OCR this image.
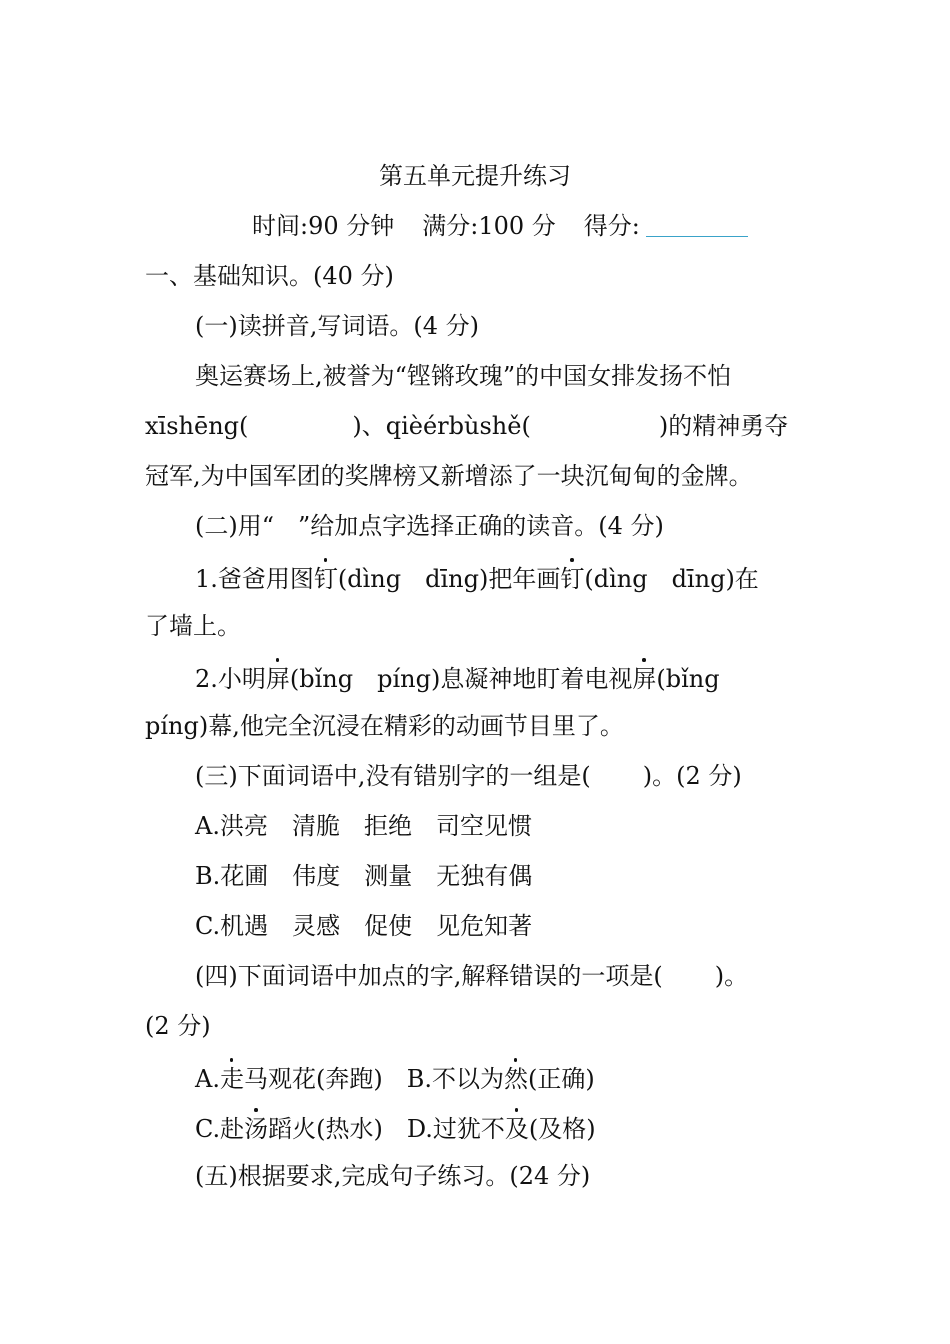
第五单元提升练习
时间:90 分钟 满分:100 分 得分:
一、基础知识。(40 分)
(一)读拼音,写词语。(4 分)
奥运赛场上,被誉为“铿锵玫瑰”的中国女排发扬不怕
xīshēng(	)、qièérbùshě(	)的精神勇夺
冠军,为中国军团的奖牌榜又新增添了一块沉甸甸的金牌。
(二)用“ ”给加点字选择正确的读音。(4 分)
1.爸爸用图钉(dìng　dīng)把年画钉(dìng　dīng)在
了墙上。
2.小明屏(bǐng　píng)息凝神地盯着电视屏(bǐng
píng)幕,他完全沉浸在精彩的动画节目里了。
(三)下面词语中,没有错别字的一组是( )。(2 分)
A.洪亮　清脆　拒绝　司空见惯
B.花圃　伟度　测量　无独有偶
C.机遇　灵感　促使　见危知著
(四)下面词语中加点的字,解释错误的一项是( )。
(2 分)
A.走马观花(奔跑)　B.不以为然(正确)
C.赴汤蹈火(热水)　D.过犹不及(及格)
(五)根据要求,完成句子练习。(24 分)
